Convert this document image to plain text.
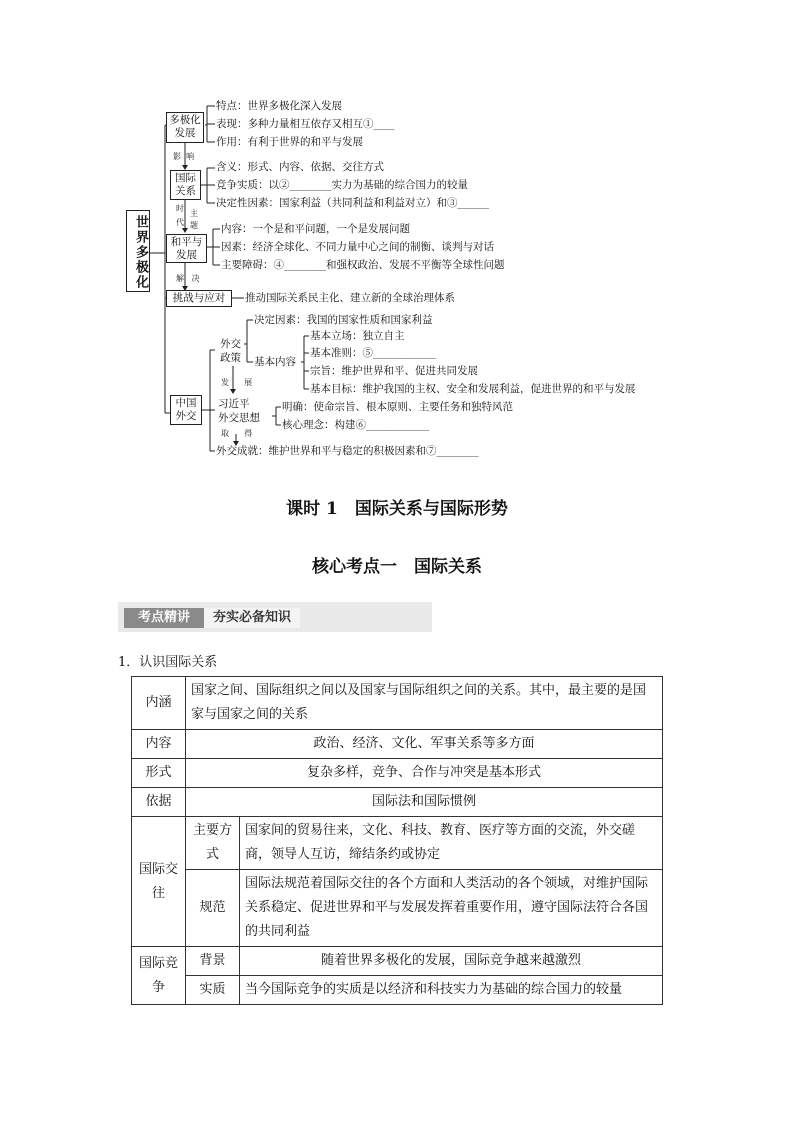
世界多极化
多极化
发展
国际
关系
和平与
发展
挑战与应对
中国
外交
影 响
时
代
主
题
解 决
特点：世界多极化深入发展
表现：多种力量相互依存又相互①____
作用：有利于世界的和平与发展
含义：形式、内容、依据、交往方式
竞争实质：以②________实力为基础的综合国力的较量
决定性因素：国家利益（共同利益和利益对立）和③______
内容：一个是和平问题，一个是发展问题
因素：经济全球化、不同力量中心之间的制衡、谈判与对话
主要障碍：④________和强权政治、发展不平衡等全球性问题
推动国际关系民主化、建立新的全球治理体系
外交
政策
决定因素：我国的国家性质和国家利益
基本内容
基本立场：独立自主
基本准则：⑤____________
宗旨：维护世界和平、促进共同发展
基本目标：维护我国的主权、安全和发展利益，促进世界的和平与发展
发 展
习近平
外交思想
明确：使命宗旨、根本原则、主要任务和独特风范
核心理念：构建⑥____________
取 得
外交成就：维护世界和平与稳定的积极因素和⑦________
课时 1　国际关系与国际形势
核心考点一　国际关系
考点精讲	夯实必备知识
1．认识国际关系
内涵	国家之间、国际组织之间以及国家与国际组织之间的关系。其中，最主要的是国家与国家之间的关系	
内容	政治、经济、文化、军事关系等多方面	
形式	复杂多样，竞争、合作与冲突是基本形式	
依据	国际法和国际惯例	
国际交往	主要方式	国家间的贸易往来，文化、科技、教育、医疗等方面的交流，外交磋商，领导人互访，缔结条约或协定
	规范	国际法规范着国际交往的各个方面和人类活动的各个领域，对维护国际关系稳定、促进世界和平与发展发挥着重要作用，遵守国际法符合各国的共同利益
国际竞争	背景	随着世界多极化的发展，国际竞争越来越激烈
	实质	当今国际竞争的实质是以经济和科技实力为基础的综合国力的较量
